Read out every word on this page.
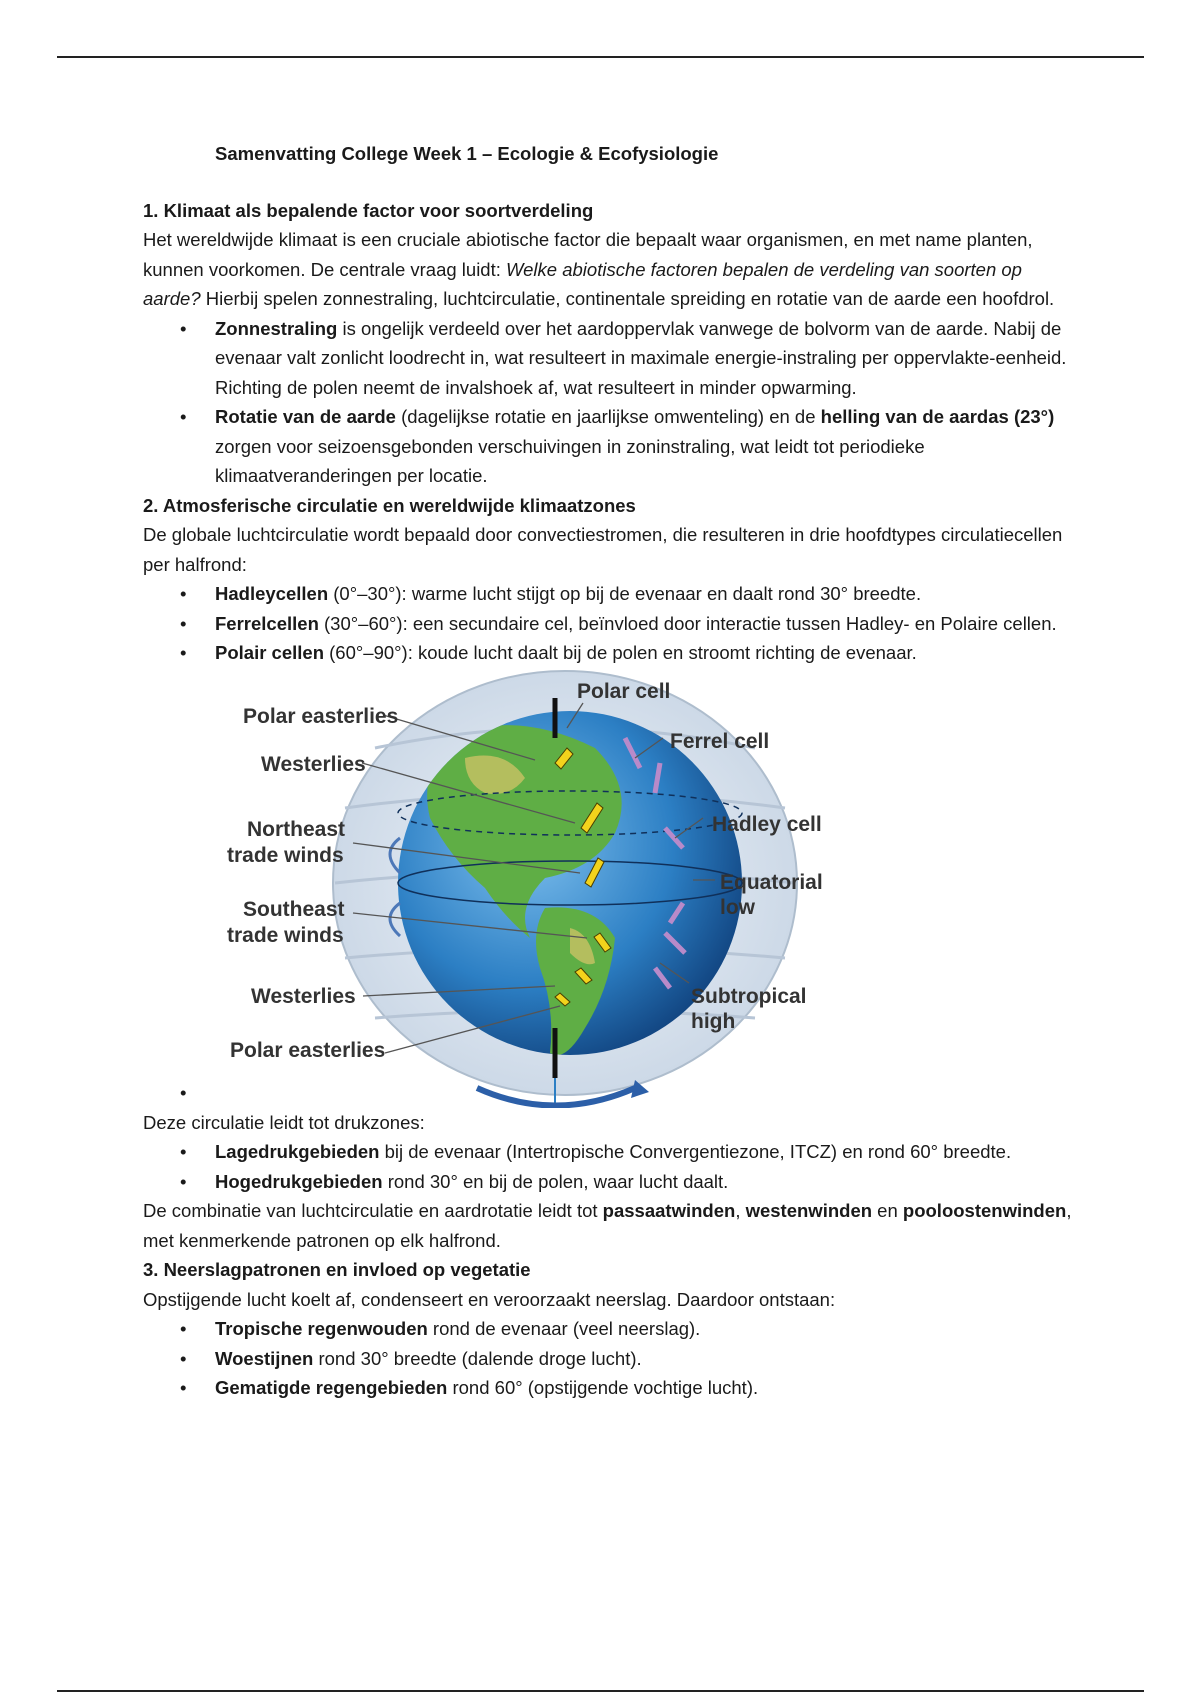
Samenvatting College Week 1 – Ecologie & Ecofysiologie
1. Klimaat als bepalende factor voor soortverdeling

Het wereldwijde klimaat is een cruciale abiotische factor die bepaalt waar organismen, en met name planten, kunnen voorkomen. De centrale vraag luidt: Welke abiotische factoren bepalen de verdeling van soorten op aarde? Hierbij spelen zonnestraling, luchtcirculatie, continentale spreiding en rotatie van de aarde een hoofdrol.

• Zonnestraling is ongelijk verdeeld over het aardoppervlak vanwege de bolvorm van de aarde. Nabij de evenaar valt zonlicht loodrecht in, wat resulteert in maximale energie-instraling per oppervlakte-eenheid. Richting de polen neemt de invalshoek af, wat resulteert in minder opwarming.
• Rotatie van de aarde (dagelijkse rotatie en jaarlijkse omwenteling) en de helling van de aardas (23°) zorgen voor seizoensgebonden verschuivingen in zoninstraling, wat leidt tot periodieke klimaatveranderingen per locatie.
2. Atmosferische circulatie en wereldwijde klimaatzones

De globale luchtcirculatie wordt bepaald door convectiestromen, die resulteren in drie hoofdtypes circulatiecellen per halfrond:

• Hadleycellen (0°–30°): warme lucht stijgt op bij de evenaar en daalt rond 30° breedte.
• Ferrelcellen (30°–60°): een secundaire cel, beïnvloed door interactie tussen Hadley- en Polaire cellen.
• Polair cellen (60°–90°): koude lucht daalt bij de polen en stroomt richting de evenaar.
• Polar cell
Polar easterlies
Ferrel cell
Westerlies
Northeast
trade winds
Hadley cell
Equatorial
low
Southeast
trade winds
Westerlies	Subtropical
high
Polar easterlies

Deze circulatie leidt tot drukzones:

• Lagedrukgebieden bij de evenaar (Intertropische Convergentiezone, ITCZ) en rond 60° breedte.
• Hogedrukgebieden rond 30° en bij de polen, waar lucht daalt.

De combinatie van luchtcirculatie en aardrotatie leidt tot passaatwinden, westenwinden en pooloostenwinden, met kenmerkende patronen op elk halfrond.

3. Neerslagpatronen en invloed op vegetatie

Opstijgende lucht koelt af, condenseert en veroorzaakt neerslag. Daardoor ontstaan:

• Tropische regenwouden rond de evenaar (veel neerslag).
• Woestijnen rond 30° breedte (dalende droge lucht).
• Gematigde regengebieden rond 60° (opstijgende vochtige lucht).
